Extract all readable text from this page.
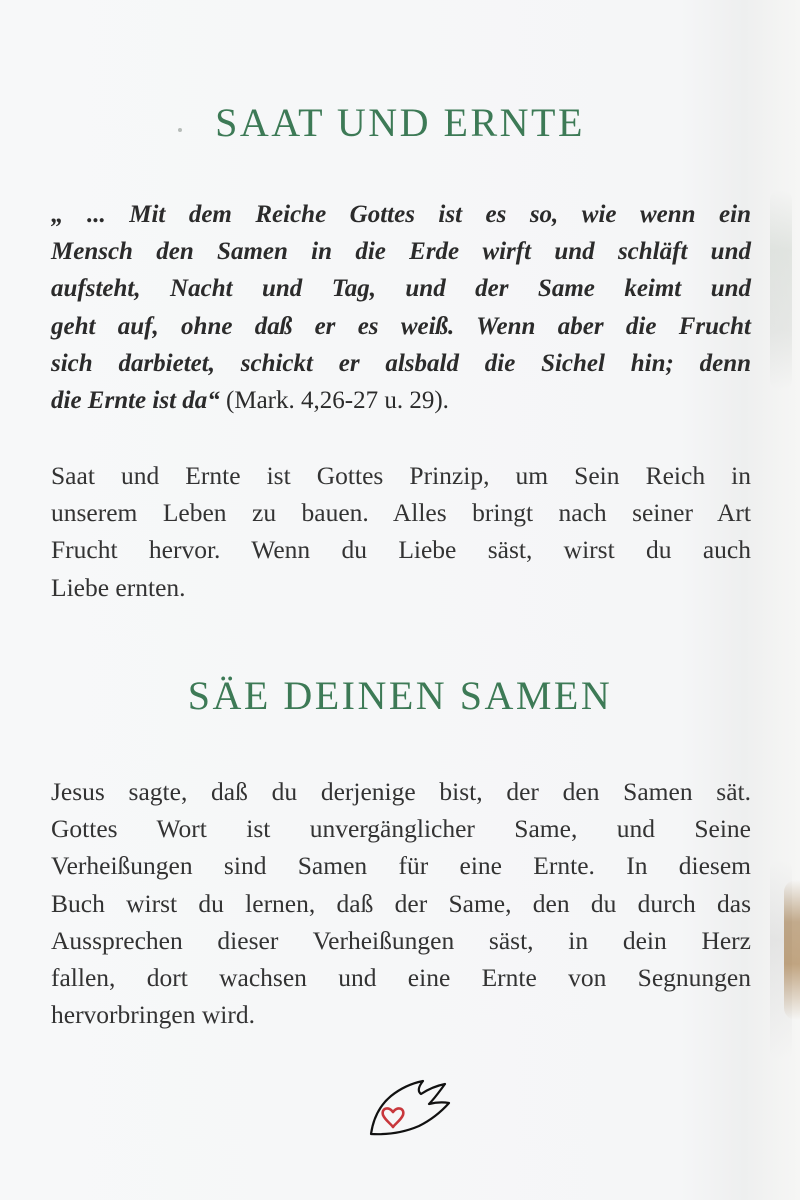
SAAT UND ERNTE

„ ... Mit dem Reiche Gottes ist es so, wie wenn ein
Mensch den Samen in die Erde wirft und schläft und
aufsteht, Nacht und Tag, und der Same keimt und
geht auf, ohne daß er es weiß. Wenn aber die Frucht
sich darbietet, schickt er alsbald die Sichel hin; denn
die Ernte ist da“ (Mark. 4,26-27 u. 29).

Saat und Ernte ist Gottes Prinzip, um Sein Reich in
unserem Leben zu bauen. Alles bringt nach seiner Art
Frucht hervor. Wenn du Liebe säst, wirst du auch
Liebe ernten.

SÄE DEINEN SAMEN

Jesus sagte, daß du derjenige bist, der den Samen sät.
Gottes Wort ist unvergänglicher Same, und Seine
Verheißungen sind Samen für eine Ernte. In diesem
Buch wirst du lernen, daß der Same, den du durch das
Aussprechen dieser Verheißungen säst, in dein Herz
fallen, dort wachsen und eine Ernte von Segnungen
hervorbringen wird.
